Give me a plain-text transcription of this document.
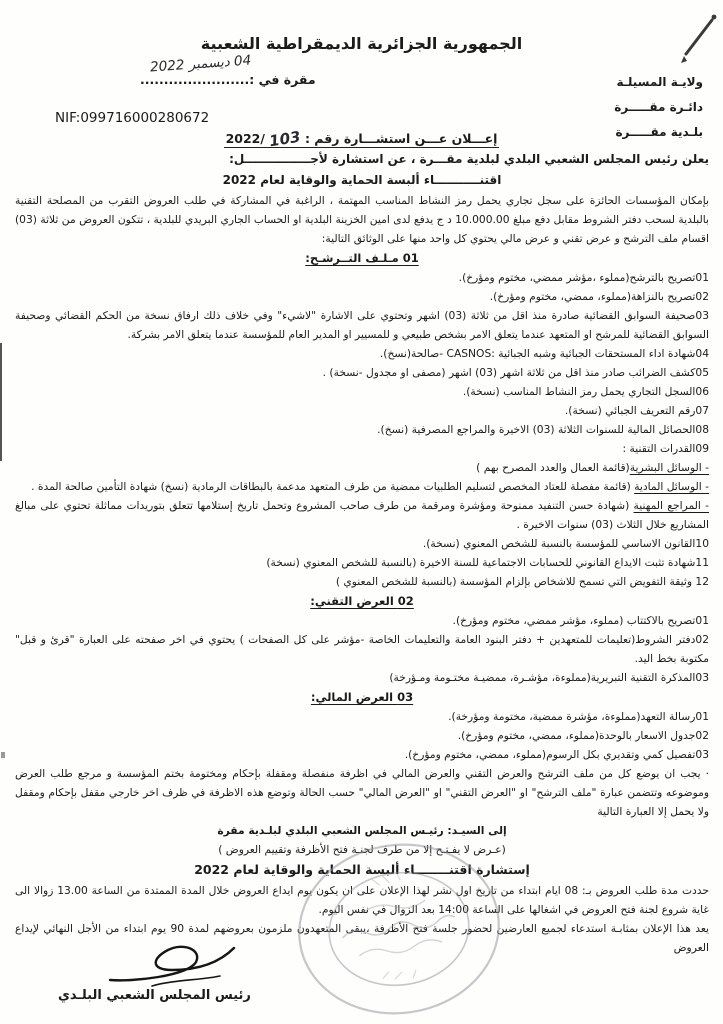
الجمهورية الجزائرية الديمقراطية الشعبية
ولايـة المسيلـة
دائـرة مقـــــرة
بلـدية مقـــــرة
مقرة في :.......................
04 ديسمبر 2022
NIF:099716000280672
إعـــلان عـــن استشـــارة رقم : 103 2022/

يعلن رئيس المجلس الشعبي البلدي لبلدية مقـــرة ، عن استشارة لأجــــــــــــــــل:

اقتنـــــــــــاء ألبسة الحماية والوقاية لعام 2022

بإمكان المؤسسات الحائزة على سجل تجاري يحمل رمز النشاط المناسب المهتمة ، الراغبة في المشاركة في طلب العروض التقرب من المصلحة التقنية بالبلدية لسحب دفتر الشروط مقابل دفع مبلغ 10.000.00 د ج يدفع لدى امين الخزينة البلدية او الحساب الجاري البريدي للبلدية ، تتكون العروض من ثلاثة (03) اقسام ملف الترشح و عرض تقني و عرض مالي يحتوي كل واحد منها على الوثائق التالية:

01 مـلـف التــرشـح:

01تصريح بالترشح(مملوء ،مؤشر ممضي، مختوم ومؤرخ).

02تصريح بالنزاهة(مملوء، ممضي، مختوم ومؤرخ).

03صحيفة السوابق القضائية صادرة منذ اقل من ثلاثة (03) اشهر وتحتوي على الاشارة "لاشيء" وفي خلاف ذلك ارفاق نسخة من الحكم القضائي وصحيفة السوابق القضائية للمرشح او المتعهد عندما يتعلق الامر بشخص طبيعي و للمسيير او المدير العام للمؤسسة عندما يتعلق الامر بشركة.

04شهادة اداء المستحقات الجبائية وشبه الجبائية :CASNOS -صالحة(نسخ).

05كشف الضرائب صادر منذ اقل من ثلاثة اشهر (03) اشهر (مصفى او مجدول -نسخة) .

06السجل التجاري يحمل رمز النشاط المناسب (نسخة).

07رقم التعريف الجبائي (نسخة).

08الحصائل المالية للسنوات الثلاثة (03) الاخيرة والمراجع المصرفية (نسخ).

09القدرات التقنية :

- الوسائل البشرية(قائمة العمال والعدد المصرح بهم )

- الوسائل المادية (قائمة مفصلة للعتاد المخصص لتسليم الطلبيات ممضية من طرف المتعهد مدعمة بالبطاقات الرمادية (نسخ) شهادة التأمين صالحة المدة .

- المراجع المهنية (شهادة حسن التنفيد ممنوحة ومؤشرة ومرقمة من طرف صاحب المشروع وتحمل تاريخ إستلامها تتعلق بتوريدات مماثلة تحتوي على مبالغ المشاريع خلال الثلاث (03) سنوات الاخيرة .

10القانون الاساسي للمؤسسة بالنسبة للشخص المعنوي (نسخة).

11شهادة تثبت الايداع القانوني للحسابات الاجتماعية للسنة الاخيرة (بالنسبة للشخص المعنوي (نسخة)

12 وثيقة التفويض التي تسمح للاشخاص بإلزام المؤسسة (بالنسبة للشخص المعنوي )

02 العرض التقني:

01تصريح بالاكتتاب (مملوء، مؤشر ممضي، مختوم ومؤرخ).

02دفتر الشروط(تعليمات للمتعهدين + دفتر البنود العامة والتعليمات الخاصة -مؤشر على كل الصفحات ) يحتوي في اخر صفحته على العبارة "قرئ و قبل" مكتوبة بخط اليد.

03المذكرة التقنية التبريرية(مملوءة، مؤشـرة، ممضيـة مختـومة ومـؤرخة)

03 العرض المالي:

01رسالة التعهد(مملوءة، مؤشرة ممضية، مختومة ومؤرخة).

02جدول الاسعار بالوحدة(مملوء، ممضي، مختوم ومؤرخ).

03تفصيل كمي وتقديري بكل الرسوم(مملوء، ممضي، مختوم ومؤرخ).

· يجب ان يوضع كل من ملف الترشح والعرض التقني والعرض المالي في اظرفة منفصلة ومقفلة بإحكام ومختومة بختم المؤسسة و مرجع طلب العرض وموضوعه وتتضمن عبارة "ملف الترشح" او "العرض التقني" او "العرض المالي" حسب الحالة وتوضع هذه الاظرفة في ظرف اخر خارجي مقفل بإحكام ومقفل ولا يحمل إلا العبارة التالية

إلى السيـد: رئيـس المجلس الشعبي البلدي لبلـدية مقرة

(عـرض لا يفـتـح إلا من طرف لجنـة فتح الأظرفة وتقييم العروض )

إستشارة اقتنــــــــاء ألبسة الحماية والوقاية لعام 2022

حددت مدة طلب العروض بـ: 08 ايام ابتداء من تاريخ اول نشر لهذا الإعلان على ان يكون يوم ايداع العروض خلال المدة الممتدة من الساعة 13.00 زوالا الى غاية شروع لجنة فتح العروض في اشغالها على الساعة 14:00 بعد الزوال في نفس اليوم.

يعد هذا الإعلان بمثابـة استدعاء لجميع العارضين لحضور جلسة فتح الأظرفة ،يبقى المتعهدون ملزمون بعروضهم لمدة 90 يوم ابتداء من الأجل النهائي لإيداع العروض

رئيس المجلس الشعبي البلـدي
